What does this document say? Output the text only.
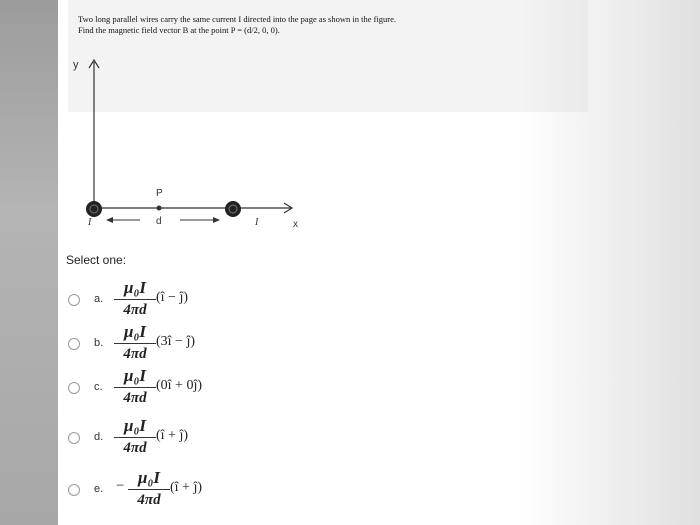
Two long parallel wires carry the same current I directed into the page as shown in the figure.
Find the magnetic field vector B at the point P = (d/2, 0, 0).
y
x
d
P
I	I
Select one:
a.
μ₀I
4πd
(î − ĵ)
b.
μ₀I
4πd
(3î − ĵ)
c.
μ₀I
4πd
(0î + 0ĵ)
d.
μ₀I
4πd
(î + ĵ)
e. − μ₀I
4πd
(î + ĵ)
